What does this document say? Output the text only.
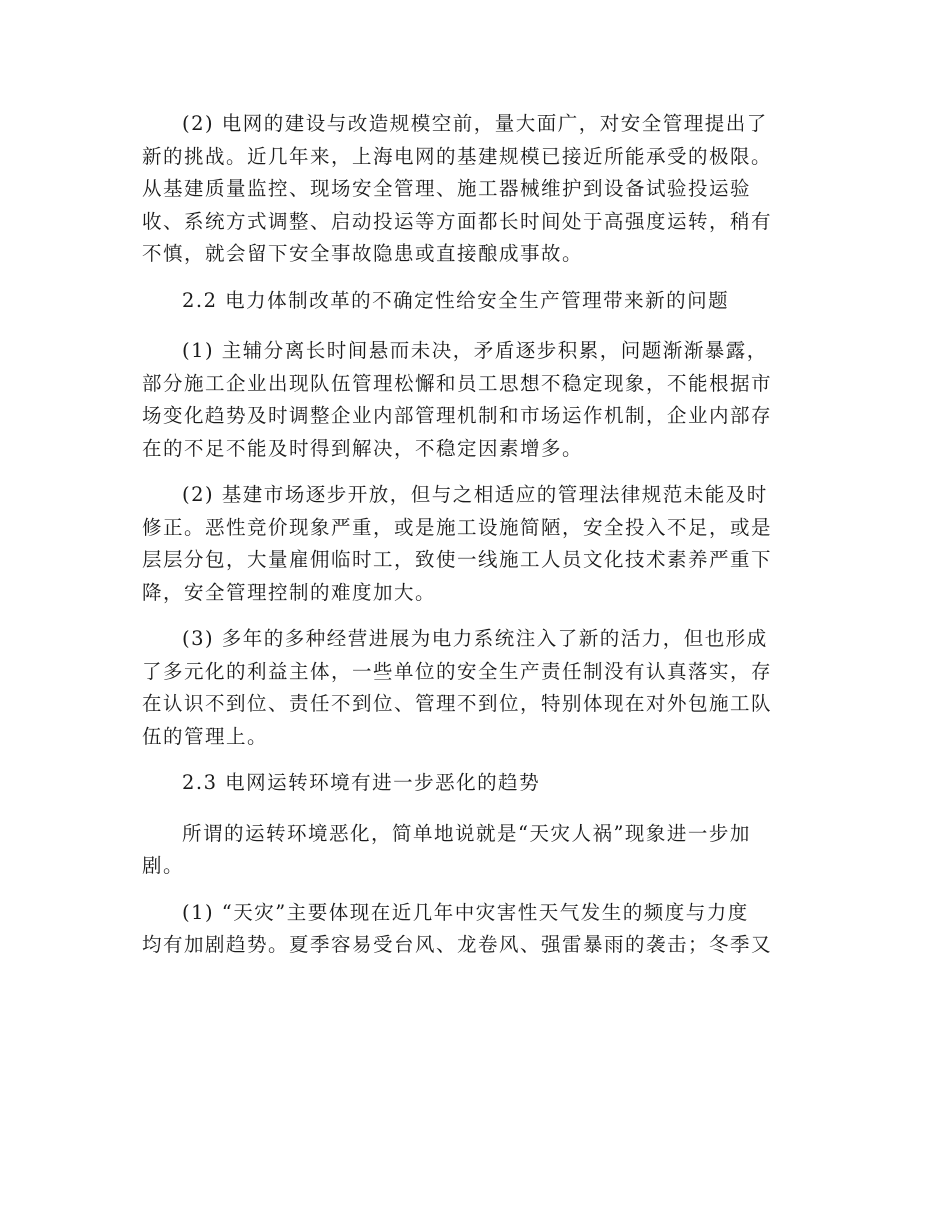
(2) 电网的建设与改造规模空前，量大面广，对安全管理提出了
新的挑战。近几年来，上海电网的基建规模已接近所能承受的极限。
从基建质量监控、现场安全管理、施工器械维护到设备试验投运验
收、系统方式调整、启动投运等方面都长时间处于高强度运转，稍有
不慎，就会留下安全事故隐患或直接酿成事故。

2.2 电力体制改革的不确定性给安全生产管理带来新的问题

(1) 主辅分离长时间悬而未决，矛盾逐步积累，问题渐渐暴露，
部分施工企业出现队伍管理松懈和员工思想不稳定现象，不能根据市
场变化趋势及时调整企业内部管理机制和市场运作机制，企业内部存
在的不足不能及时得到解决，不稳定因素增多。

(2) 基建市场逐步开放，但与之相适应的管理法律规范未能及时
修正。恶性竞价现象严重，或是施工设施简陋，安全投入不足，或是
层层分包，大量雇佣临时工，致使一线施工人员文化技术素养严重下
降，安全管理控制的难度加大。

(3) 多年的多种经营进展为电力系统注入了新的活力，但也形成
了多元化的利益主体，一些单位的安全生产责任制没有认真落实，存
在认识不到位、责任不到位、管理不到位，特别体现在对外包施工队
伍的管理上。

2.3 电网运转环境有进一步恶化的趋势

所谓的运转环境恶化，简单地说就是“天灾人祸”现象进一步加
剧。

(1) “天灾”主要体现在近几年中灾害性天气发生的频度与力度
均有加剧趋势。夏季容易受台风、龙卷风、强雷暴雨的袭击；冬季又
